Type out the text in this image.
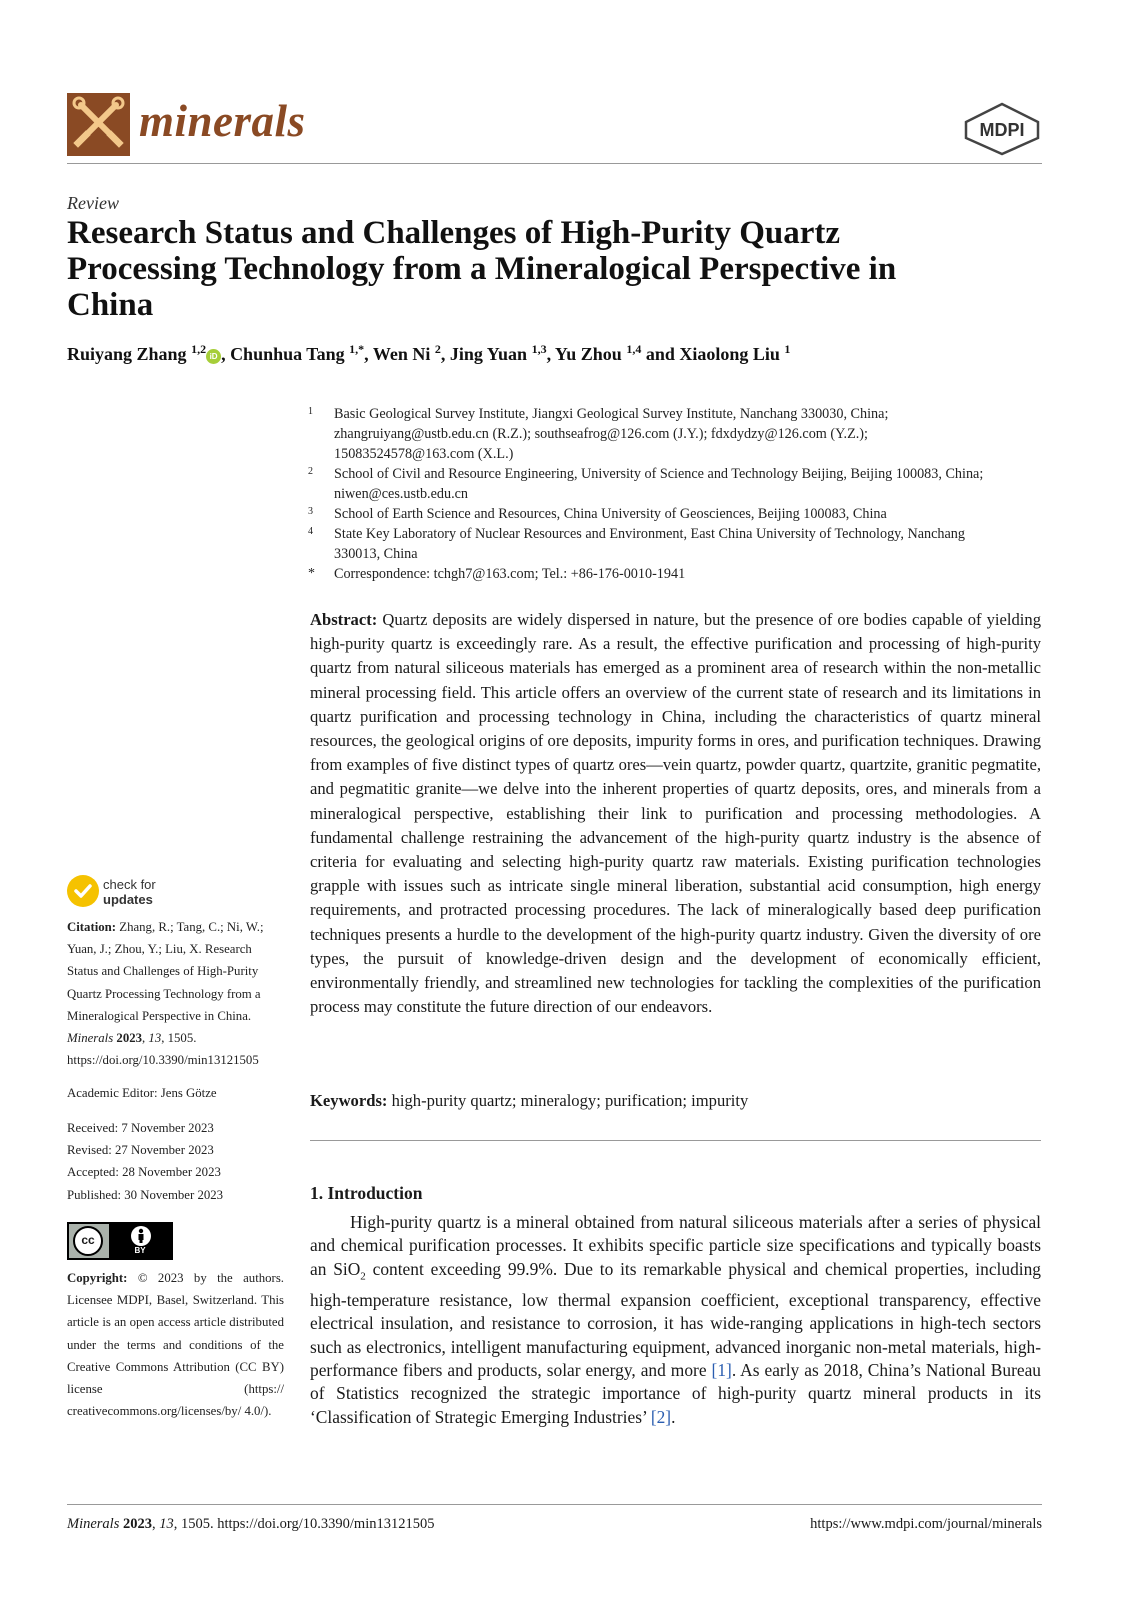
minerals	MDPI
Review
Research Status and Challenges of High-Purity Quartz Processing Technology from a Mineralogical Perspective in China
Ruiyang Zhang $^{1,2}$iD , Chunhua Tang $^{1,*}$, Wen Ni $^2$, Jing Yuan $^{1,3}$, Yu Zhou $^{1,4}$ and Xiaolong Liu $^1$
1 Basic Geological Survey Institute, Jiangxi Geological Survey Institute, Nanchang 330030, China; zhangruiyang@ustb.edu.cn (R.Z.); southseafrog@126.com (J.Y.); fdxdydzy@126.com (Y.Z.); 15083524578@163.com (X.L.)
2 School of Civil and Resource Engineering, University of Science and Technology Beijing, Beijing 100083, China; niwen@ces.ustb.edu.cn
3 School of Earth Science and Resources, China University of Geosciences, Beijing 100083, China
4 State Key Laboratory of Nuclear Resources and Environment, East China University of Technology, Nanchang 330013, China
* Correspondence: tchgh7@163.com; Tel.: +86-176-0010-1941
Abstract: Quartz deposits are widely dispersed in nature, but the presence of ore bodies capable of yielding high-purity quartz is exceedingly rare. As a result, the effective purification and processing of high-purity quartz from natural siliceous materials has emerged as a prominent area of research within the non-metallic mineral processing field. This article offers an overview of the current state of research and its limitations in quartz purification and processing technology in China, including the characteristics of quartz mineral resources, the geological origins of ore deposits, impurity forms in ores, and purification techniques. Drawing from examples of five distinct types of quartz ores—vein quartz, powder quartz, quartzite, granitic pegmatite, and pegmatitic granite—we delve into the inherent properties of quartz deposits, ores, and minerals from a mineralogical perspective, establishing their link to purification and processing methodologies. A fundamental challenge restraining the advancement of the high-purity quartz industry is the absence of criteria for evaluating and selecting high-purity quartz raw materials. Existing purification technologies grapple with issues such as intricate single mineral liberation, substantial acid consumption, high energy requirements, and protracted processing procedures. The lack of mineralogically based deep purification techniques presents a hurdle to the development of the high-purity quartz industry. Given the diversity of ore types, the pursuit of knowledge-driven design and the development of economically efficient, environmentally friendly, and streamlined new technologies for tackling the complexities of the purification process may constitute the future direction of our endeavors.
Keywords: high-purity quartz; mineralogy; purification; impurity
1. Introduction

High-purity quartz is a mineral obtained from natural siliceous materials after a series of physical and chemical purification processes. It exhibits specific particle size specifications and typically boasts an SiO$_2$ content exceeding 99.9%. Due to its remarkable physical and chemical properties, including high-temperature resistance, low thermal expansion coefficient, exceptional transparency, effective electrical insulation, and resistance to corrosion, it has wide-ranging applications in high-tech sectors such as electronics, intelligent manufacturing equipment, advanced inorganic non-metal materials, high-performance fibers and products, solar energy, and more [1]. As early as 2018, China’s National Bureau of Statistics recognized the strategic importance of high-purity quartz mineral products in its ‘Classification of Strategic Emerging Industries’ [2].

check for
updates
Citation: Zhang, R.; Tang, C.; Ni, W.; Yuan, J.; Zhou, Y.; Liu, X. Research Status and Challenges of High-Purity Quartz Processing Technology from a Mineralogical Perspective in China. Minerals 2023, 13, 1505. https://doi.org/10.3390/min13121505
Academic Editor: Jens Götze
Received: 7 November 2023
Revised: 27 November 2023
Accepted: 28 November 2023
Published: 30 November 2023
cc
BY
Copyright: © 2023 by the authors. Licensee MDPI, Basel, Switzerland. This article is an open access article distributed under the terms and conditions of the Creative Commons Attribution (CC BY) license (https:// creativecommons.org/licenses/by/ 4.0/).
Minerals 2023, 13, 1505. https://doi.org/10.3390/min13121505	https://www.mdpi.com/journal/minerals
